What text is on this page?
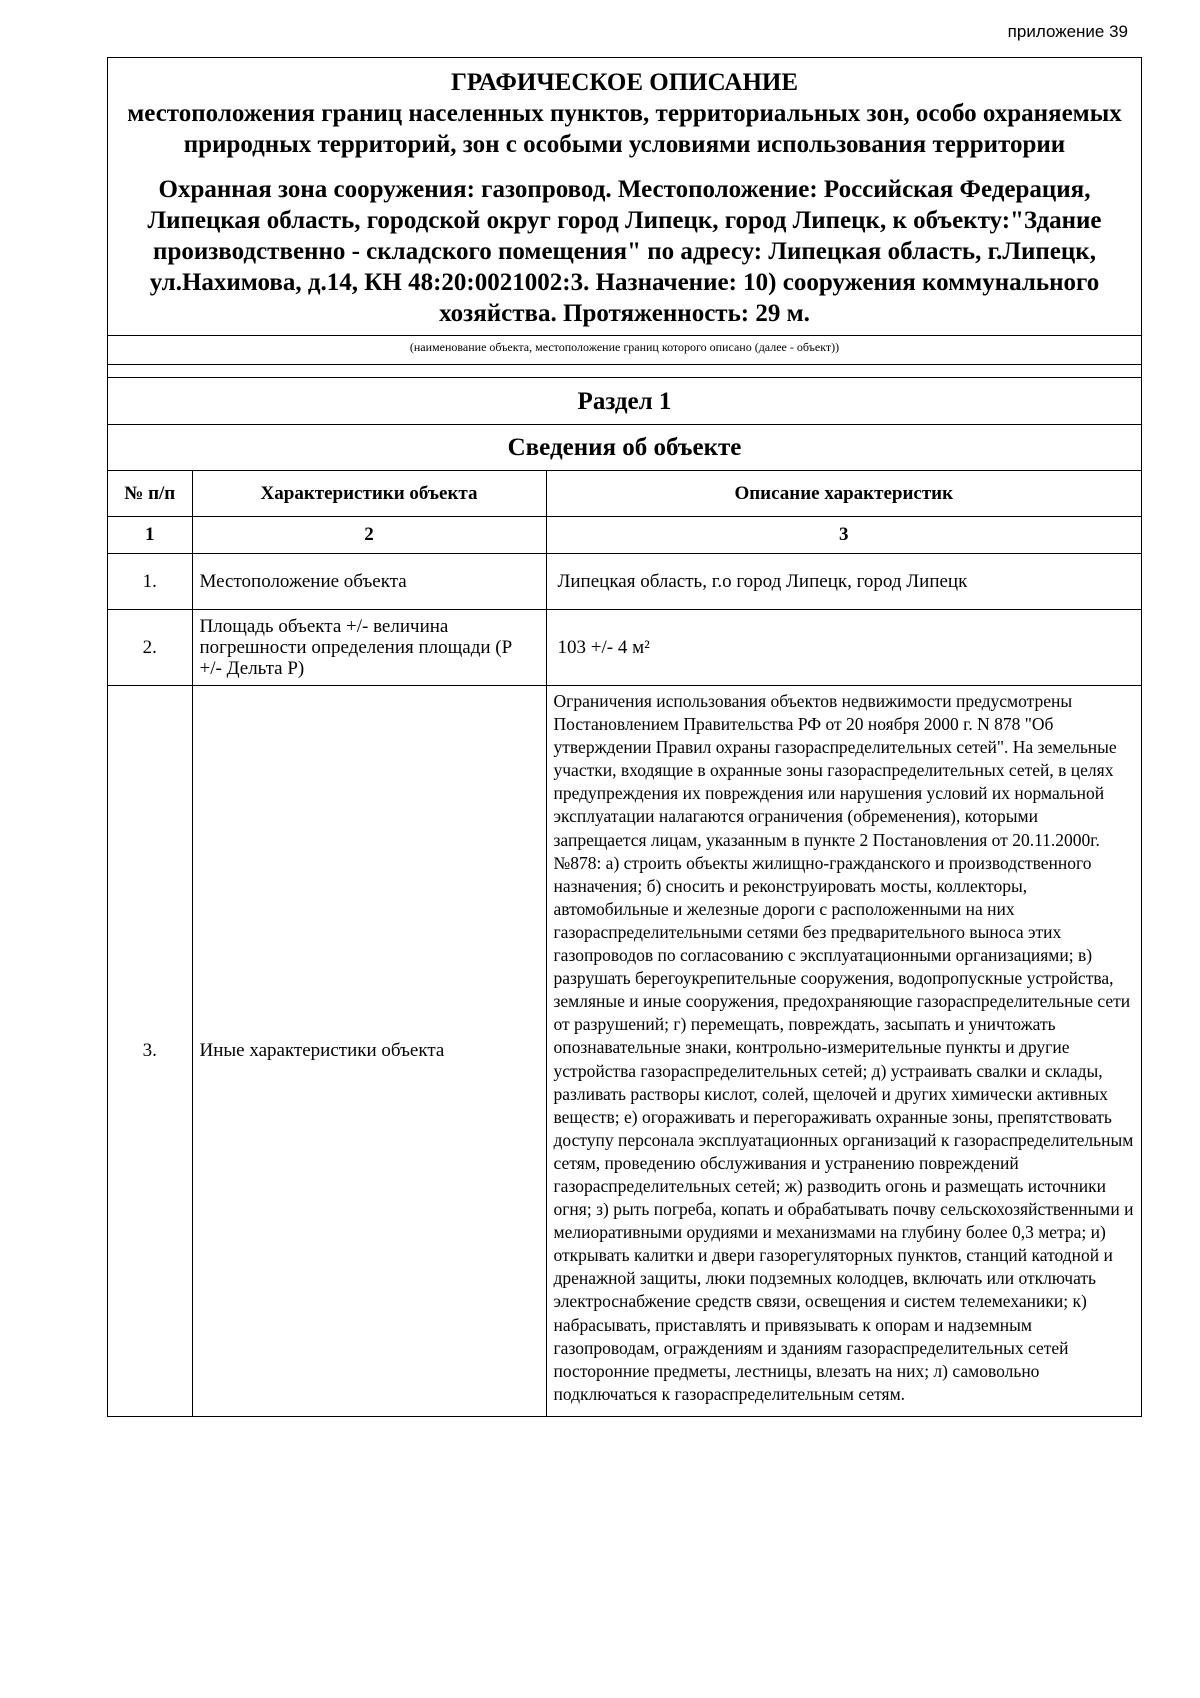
приложение 39
ГРАФИЧЕСКОЕ ОПИСАНИЕ
местоположения границ населенных пунктов, территориальных зон, особо охраняемых природных территорий, зон с особыми условиями использования территории
Охранная зона сооружения: газопровод. Местоположение: Российская Федерация, Липецкая область, городской округ город Липецк, город Липецк, к объекту:"Здание производственно - складского помещения" по адресу: Липецкая область, г.Липецк, ул.Нахимова, д.14, КН 48:20:0021002:3. Назначение: 10) сооружения коммунального хозяйства. Протяженность: 29 м.
(наименование объекта, местоположение границ которого описано (далее - объект))
Раздел 1
Сведения об объекте
№ п/п	Характеристики объекта	Описание характеристик
1	2	3
1.	Местоположение объекта	Липецкая область, г.о город Липецк, город Липецк
2.	Площадь объекта +/- величина погрешности определения площади (P +/- Дельта P)	103 +/- 4 м²
3.	Иные характеристики объекта	Ограничения использования объектов недвижимости предусмотрены Постановлением Правительства РФ от 20 ноября 2000 г. N 878 "Об утверждении Правил охраны газораспределительных сетей". На земельные участки, входящие в охранные зоны газораспределительных сетей, в целях предупреждения их повреждения или нарушения условий их нормальной эксплуатации налагаются ограничения (обременения), которыми запрещается лицам, указанным в пункте 2 Постановления от 20.11.2000г. №878: а) строить объекты жилищно-гражданского и производственного назначения; б) сносить и реконструировать мосты, коллекторы, автомобильные и железные дороги с расположенными на них газораспределительными сетями без предварительного выноса этих газопроводов по согласованию с эксплуатационными организациями; в) разрушать берегоукрепительные сооружения, водопропускные устройства, земляные и иные сооружения, предохраняющие газораспределительные сети от разрушений; г) перемещать, повреждать, засыпать и уничтожать опознавательные знаки, контрольно-измерительные пункты и другие устройства газораспределительных сетей; д) устраивать свалки и склады, разливать растворы кислот, солей, щелочей и других химически активных веществ; е) огораживать и перегораживать охранные зоны, препятствовать доступу персонала эксплуатационных организаций к газораспределительным сетям, проведению обслуживания и устранению повреждений газораспределительных сетей; ж) разводить огонь и размещать источники огня; з) рыть погреба, копать и обрабатывать почву сельскохозяйственными и мелиоративными орудиями и механизмами на глубину более 0,3 метра; и) открывать калитки и двери газорегуляторных пунктов, станций катодной и дренажной защиты, люки подземных колодцев, включать или отключать электроснабжение средств связи, освещения и систем телемеханики; к) набрасывать, приставлять и привязывать к опорам и надземным газопроводам, ограждениям и зданиям газораспределительных сетей посторонние предметы, лестницы, влезать на них; л) самовольно подключаться к газораспределительным сетям.
